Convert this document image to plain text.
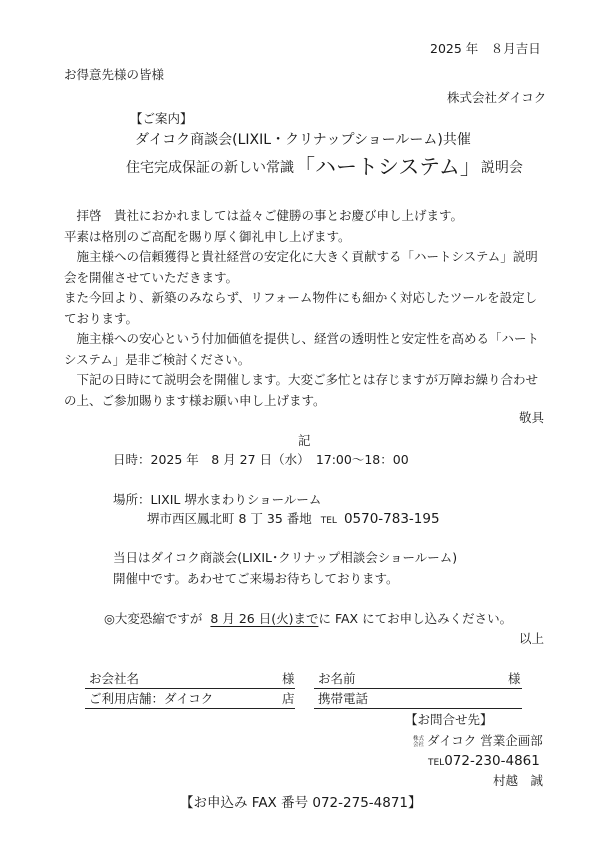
2025 年　８月吉日
お得意先様の皆様
株式会社ダイコク
【ご案内】
ダイコク商談会(LIXIL・クリナップショールーム)共催
住宅完成保証の新しい常識「ハートシステム」説明会

　拝啓　貴社におかれましては益々ご健勝の事とお慶び申し上げます。

平素は格別のご高配を賜り厚く御礼申し上げます。

　施主様への信頼獲得と貴社経営の安定化に大きく貢献する「ハートシステム」説明会を開催させていただきます。

また今回より、新築のみならず、リフォーム物件にも細かく対応したツールを設定しております。

　施主様への安心という付加価値を提供し、経営の透明性と安定性を高める「ハートシステム」是非ご検討ください。

　下記の日時にて説明会を開催します。大変ご多忙とは存じますが万障お繰り合わせの上、ご参加賜ります様お願い申し上げます。

敬具
記
日時：2025 年　8 月 27 日（水）　17:00～18：00
場所：LIXIL 堺水まわりショールーム
堺市西区鳳北町 8 丁 35 番地 TEL 0570-783-195
当日はダイコク商談会(LIXIL･クリナップ相談会ショールーム)
開催中です。あわせてご来場お待ちしております。
◎大変恐縮ですが 8 月 26 日(火)までに FAX にてお申し込みください。
以上
お会社名	様 お名前	様
ご利用店舗：ダイコク	店 携帯電話
【お問合せ先】
株式会社 ダイコク 営業企画部
TEL072-230-4861
村越　誠
【お申込み FAX 番号 072-275-4871】
